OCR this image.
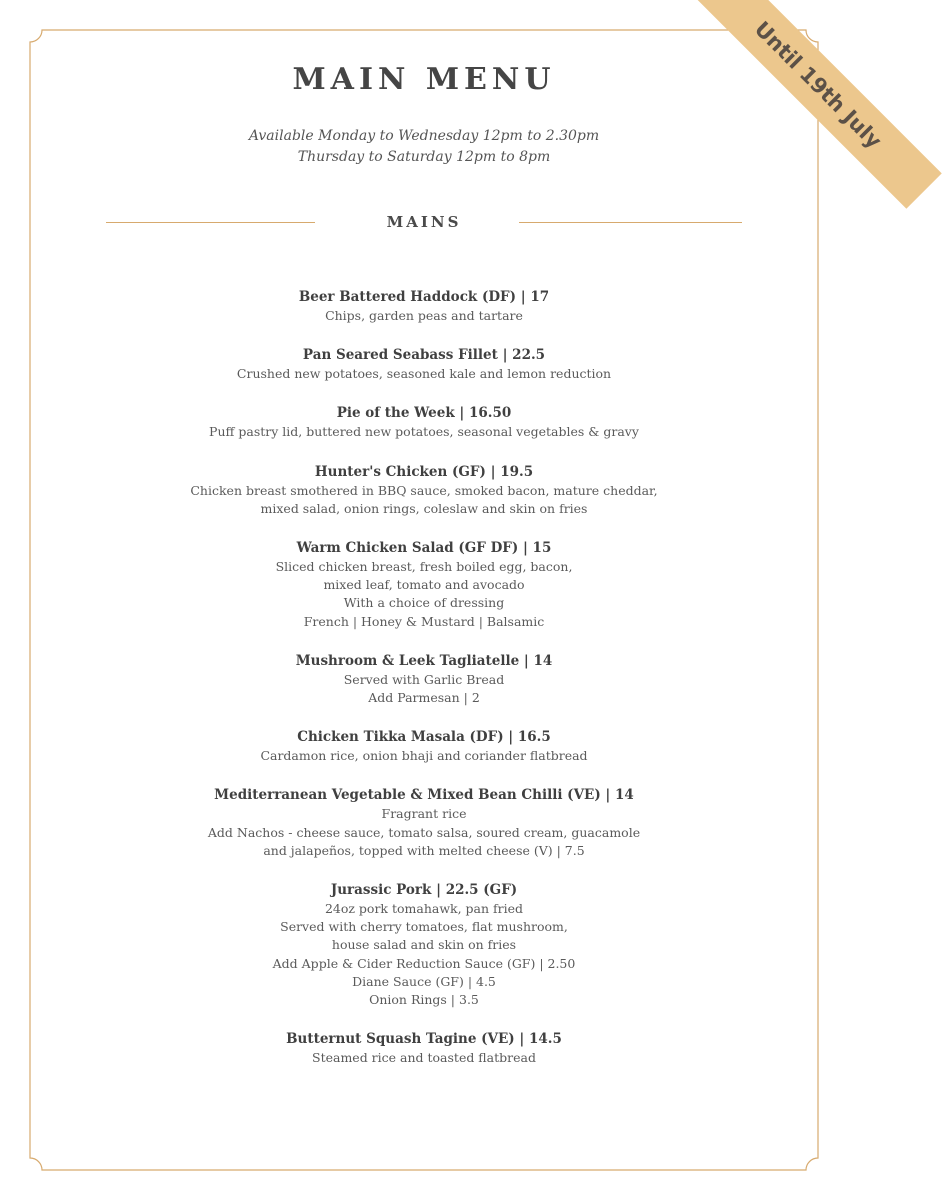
Until 19th July
MAIN MENU
Available Monday to Wednesday 12pm to 2.30pm
Thursday to Saturday 12pm to 8pm
MAINS
Beer Battered Haddock (DF) | 17
Chips, garden peas and tartare
Pan Seared Seabass Fillet | 22.5
Crushed new potatoes, seasoned kale and lemon reduction
Pie of the Week | 16.50
Puff pastry lid, buttered new potatoes, seasonal vegetables & gravy
Hunter's Chicken (GF) | 19.5
Chicken breast smothered in BBQ sauce, smoked bacon, mature cheddar,
mixed salad, onion rings, coleslaw and skin on fries
Warm Chicken Salad (GF DF) | 15
Sliced chicken breast, fresh boiled egg, bacon,
mixed leaf, tomato and avocado
With a choice of dressing
French | Honey & Mustard | Balsamic
Mushroom & Leek Tagliatelle | 14
Served with Garlic Bread
Add Parmesan | 2
Chicken Tikka Masala (DF) | 16.5
Cardamon rice, onion bhaji and coriander flatbread
Mediterranean Vegetable & Mixed Bean Chilli (VE) | 14
Fragrant rice
Add Nachos - cheese sauce, tomato salsa, soured cream, guacamole
and jalapeños, topped with melted cheese (V) | 7.5
Jurassic Pork | 22.5 (GF)
24oz pork tomahawk, pan fried
Served with cherry tomatoes, flat mushroom,
house salad and skin on fries
Add Apple & Cider Reduction Sauce (GF) | 2.50
Diane Sauce (GF) | 4.5
Onion Rings | 3.5
Butternut Squash Tagine (VE) | 14.5
Steamed rice and toasted flatbread
